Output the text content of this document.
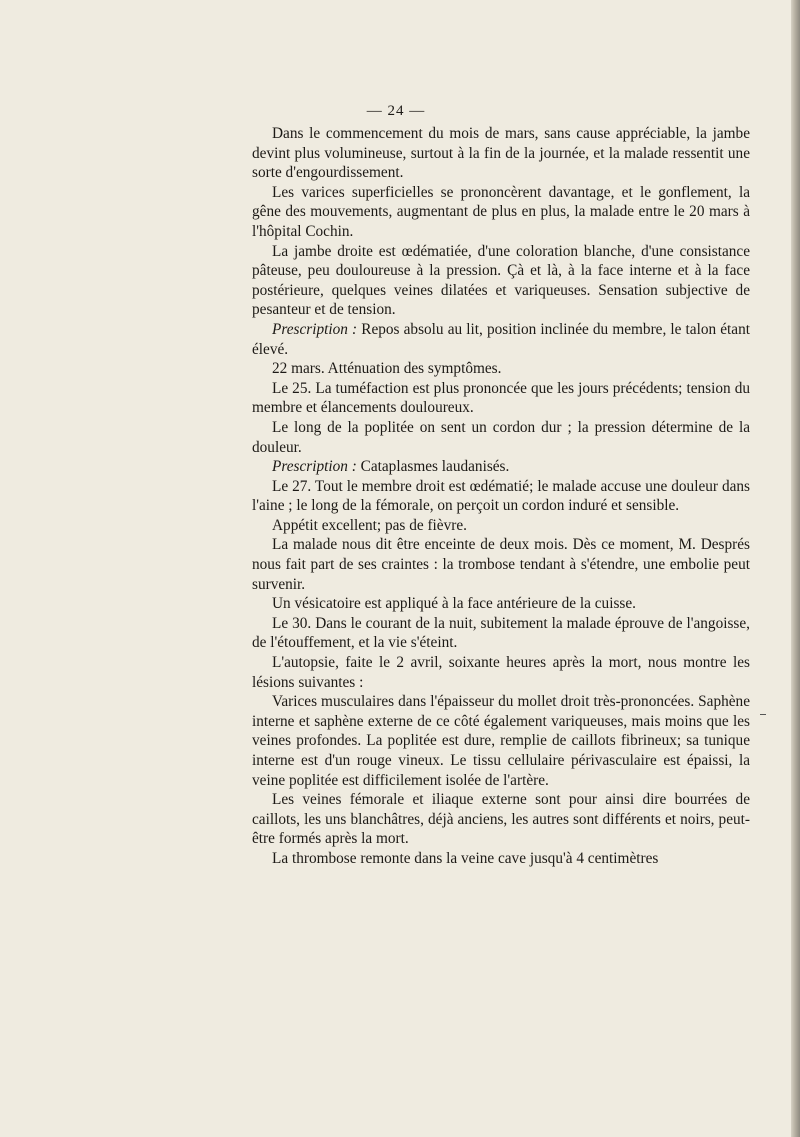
— 24 —

Dans le commencement du mois de mars, sans cause appréciable, la jambe devint plus volumineuse, surtout à la fin de la journée, et la malade ressentit une sorte d'engourdissement.

Les varices superficielles se prononcèrent davantage, et le gonflement, la gêne des mouvements, augmentant de plus en plus, la malade entre le 20 mars à l'hôpital Cochin.

La jambe droite est œdématiée, d'une coloration blanche, d'une consistance pâteuse, peu douloureuse à la pression. Çà et là, à la face interne et à la face postérieure, quelques veines dilatées et variqueuses. Sensation subjective de pesanteur et de tension.

Prescription : Repos absolu au lit, position inclinée du membre, le talon étant élevé.

22 mars. Atténuation des symptômes.

Le 25. La tuméfaction est plus prononcée que les jours précédents; tension du membre et élancements douloureux.

Le long de la poplitée on sent un cordon dur ; la pression détermine de la douleur.

Prescription : Cataplasmes laudanisés.

Le 27. Tout le membre droit est œdématié; le malade accuse une douleur dans l'aine ; le long de la fémorale, on perçoit un cordon induré et sensible.

Appétit excellent; pas de fièvre.

La malade nous dit être enceinte de deux mois. Dès ce moment, M. Després nous fait part de ses craintes : la trombose tendant à s'étendre, une embolie peut survenir.

Un vésicatoire est appliqué à la face antérieure de la cuisse.

Le 30. Dans le courant de la nuit, subitement la malade éprouve de l'angoisse, de l'étouffement, et la vie s'éteint.

L'autopsie, faite le 2 avril, soixante heures après la mort, nous montre les lésions suivantes :

Varices musculaires dans l'épaisseur du mollet droit très-prononcées. Saphène interne et saphène externe de ce côté également variqueuses, mais moins que les veines profondes. La poplitée est dure, remplie de caillots fibrineux; sa tunique interne est d'un rouge vineux. Le tissu cellulaire périvasculaire est épaissi, la veine poplitée est difficilement isolée de l'artère.

Les veines fémorale et iliaque externe sont pour ainsi dire bourrées de caillots, les uns blanchâtres, déjà anciens, les autres sont différents et noirs, peut-être formés après la mort.

La thrombose remonte dans la veine cave jusqu'à 4 centimètres
